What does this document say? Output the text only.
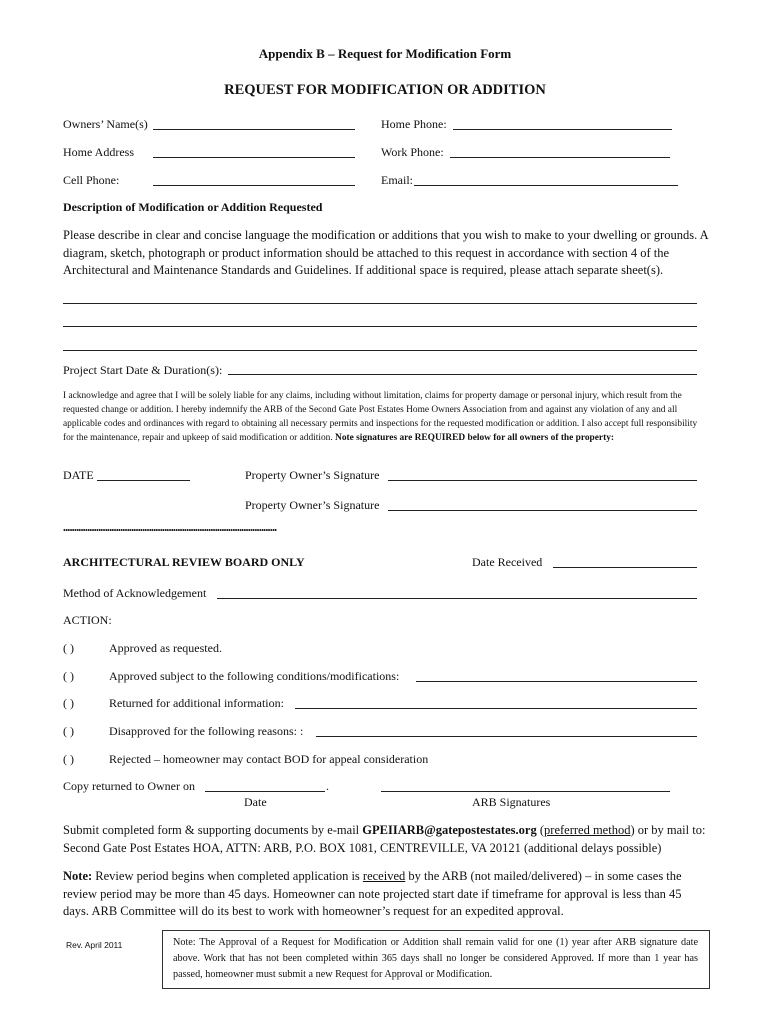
Appendix B – Request for Modification Form
REQUEST FOR MODIFICATION OR ADDITION
Owners’ Name(s)	Home Phone:
Home Address	Work Phone:
Cell Phone:	Email:
Description of Modification or Addition Requested
Please describe in clear and concise language the modification or additions that you wish to make to your dwelling or grounds. A diagram, sketch, photograph or product information should be attached to this request in accordance with section 4 of the Architectural and Maintenance Standards and Guidelines. If additional space is required, please attach separate sheet(s).
Project Start Date & Duration(s):
I acknowledge and agree that I will be solely liable for any claims, including without limitation, claims for property damage or personal injury, which result from the requested change or addition. I hereby indemnify the ARB of the Second Gate Post Estates Home Owners Association from and against any violation of any and all applicable codes and ordinances with regard to obtaining all necessary permits and inspections for the requested modification or addition. I also accept full responsibility for the maintenance, repair and upkeep of said modification or addition. Note signatures are REQUIRED below for all owners of the property:
DATE	Property Owner’s Signature
Property Owner’s Signature
•••••••••••••••••••••••••••••••••••••••••••••••••••••••••••••••••••••••••••••••••••••••••••••••••
ARCHITECTURAL REVIEW BOARD ONLY	Date Received
Method of Acknowledgement
ACTION:
( )	Approved as requested.
( )	Approved subject to the following conditions/modifications:
( )	Returned for additional information:
( )	Disapproved for the following reasons: :
( )	Rejected – homeowner may contact BOD for appeal consideration
Copy returned to Owner on	.
Date	ARB Signatures
Submit completed form & supporting documents by e-mail GPEIIARB@gatepostestates.org (preferred method) or by mail to: Second Gate Post Estates HOA, ATTN: ARB, P.O. BOX 1081, CENTREVILLE, VA 20121 (additional delays possible)
Note: Review period begins when completed application is received by the ARB (not mailed/delivered) – in some cases the review period may be more than 45 days. Homeowner can note projected start date if timeframe for approval is less than 45 days. ARB Committee will do its best to work with homeowner’s request for an expedited approval.
Rev. April 2011	Note: The Approval of a Request for Modification or Addition shall remain valid for one (1) year after ARB signature date above. Work that has not been completed within 365 days shall no longer be considered Approved. If more than 1 year has passed, homeowner must submit a new Request for Approval or Modification.
